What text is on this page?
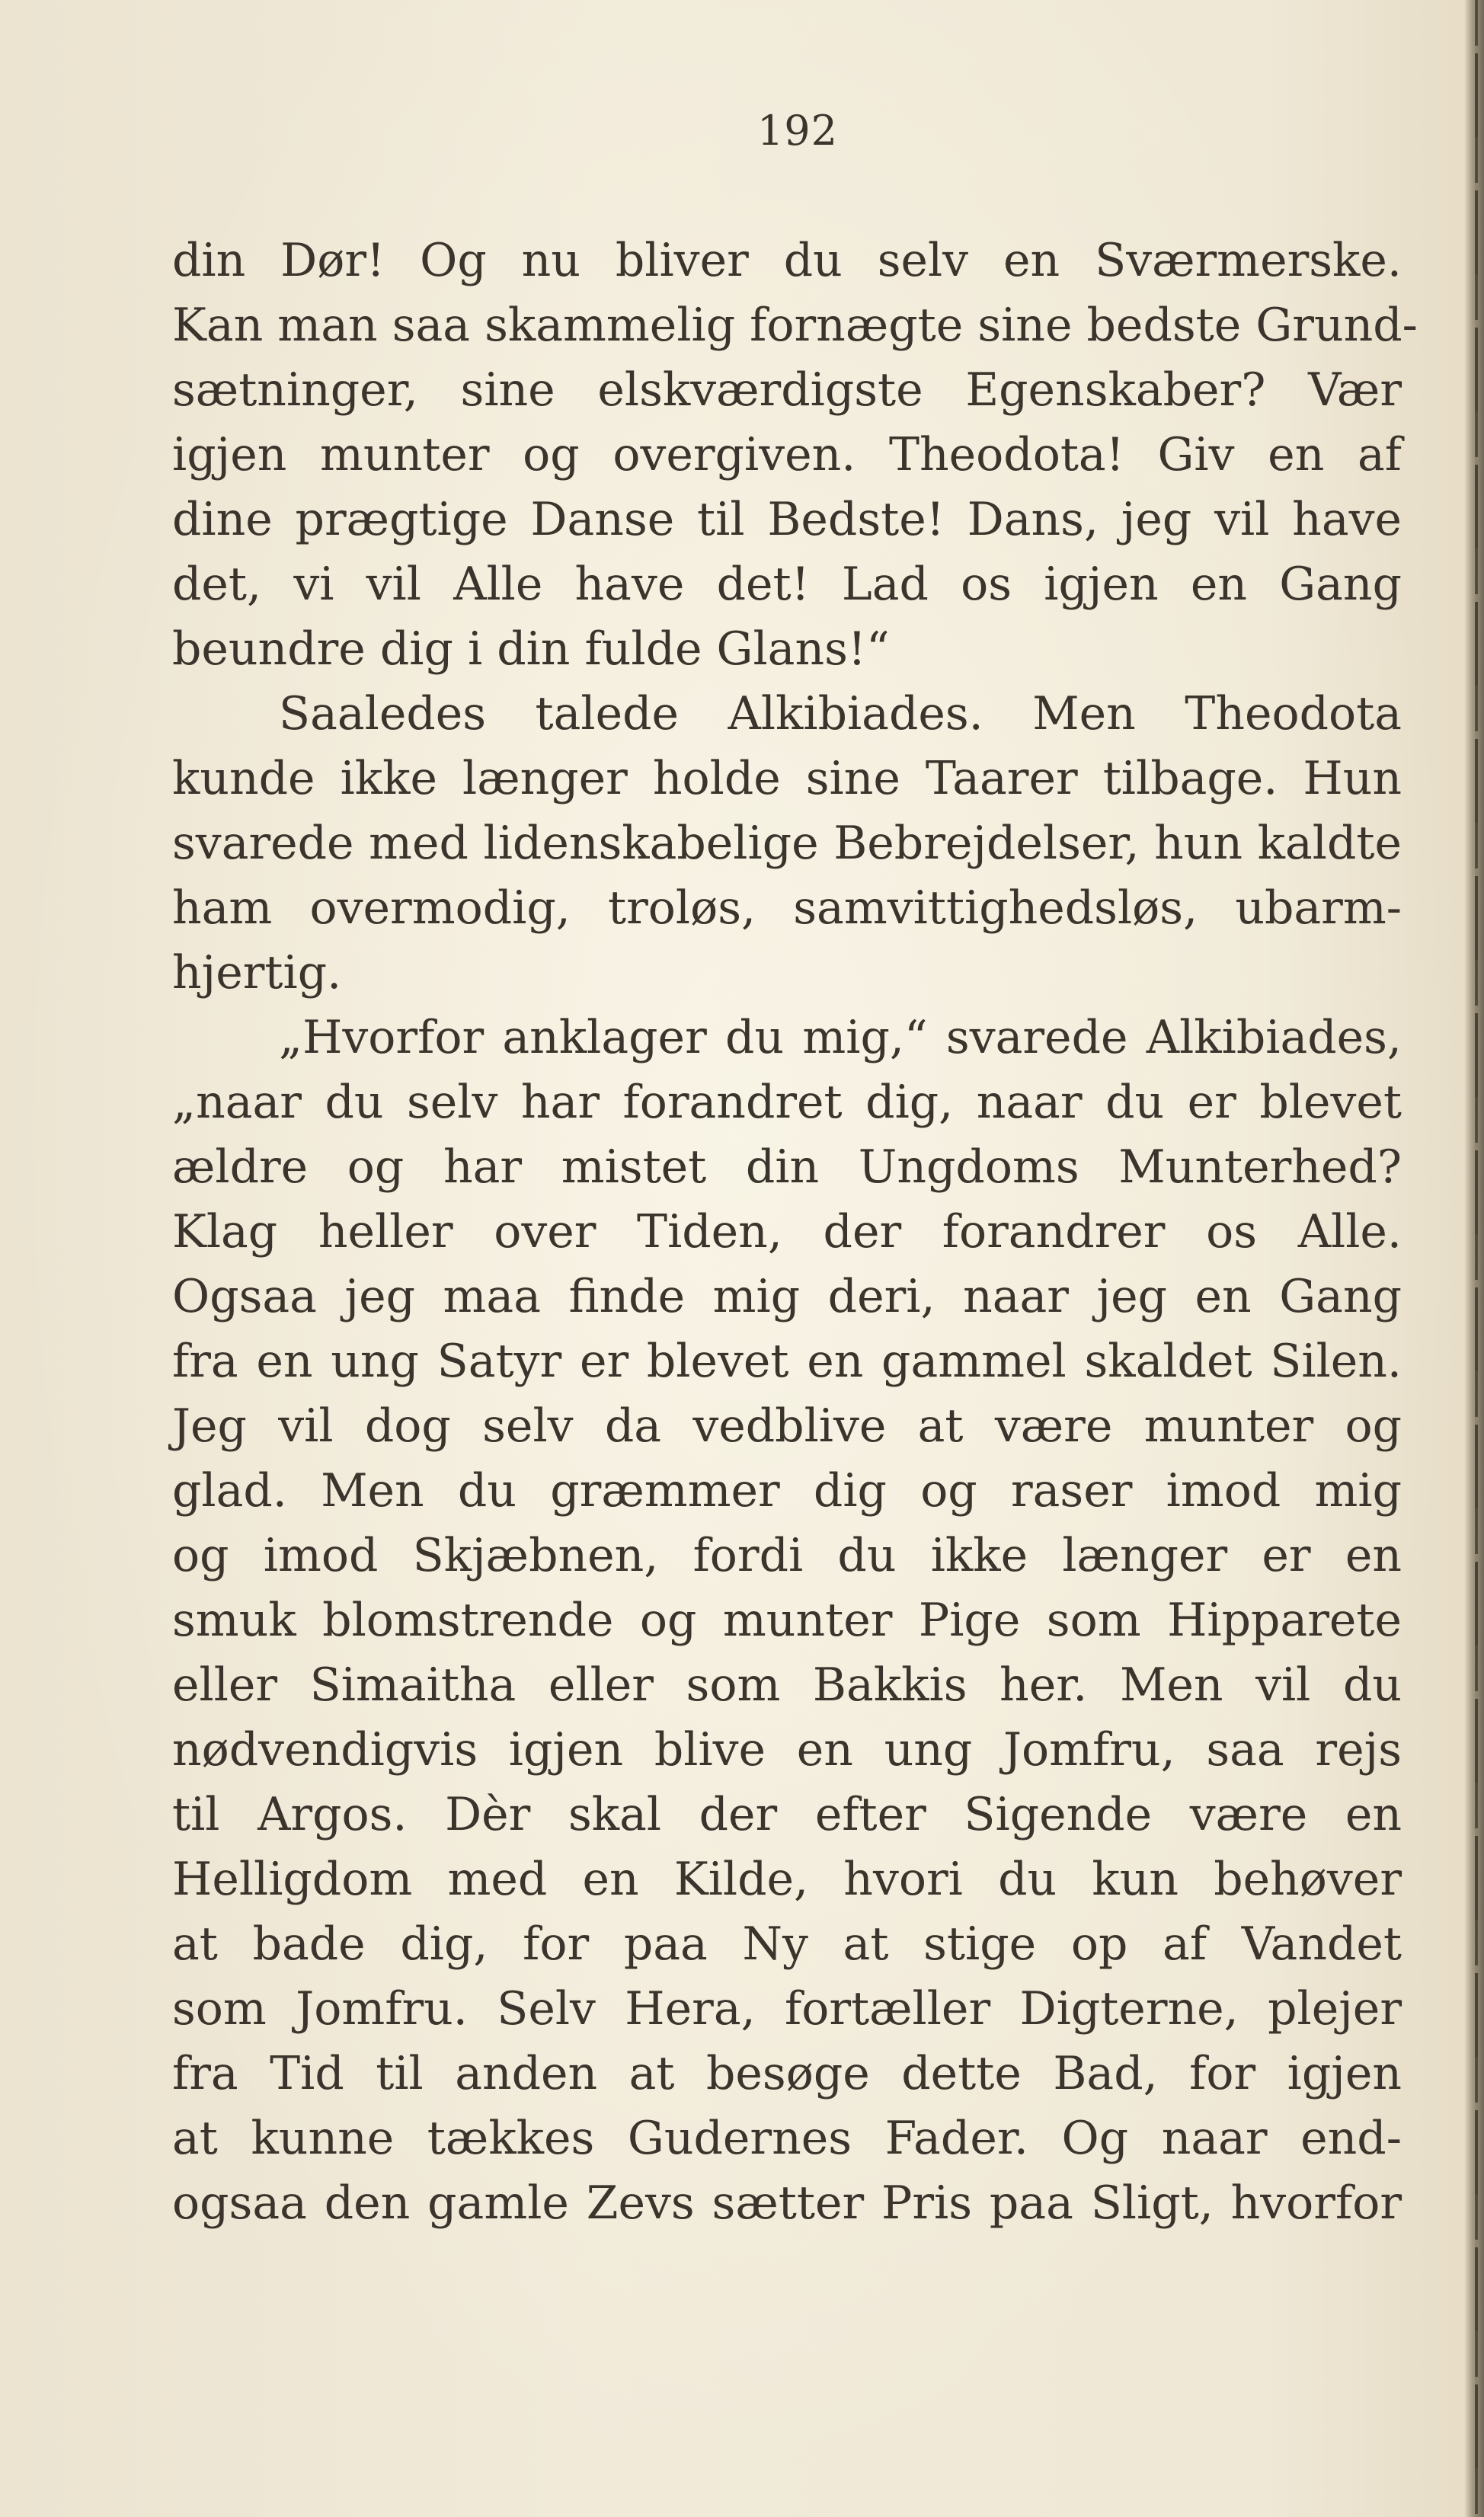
192
din Dør! Og nu bliver du selv en Sværmerske.
Kan man saa skammelig fornægte sine bedste Grund-
sætninger, sine elskværdigste Egenskaber? Vær
igjen munter og overgiven. Theodota! Giv en af
dine prægtige Danse til Bedste! Dans, jeg vil have
det, vi vil Alle have det! Lad os igjen en Gang
beundre dig i din fulde Glans!“
Saaledes talede Alkibiades. Men Theodota
kunde ikke længer holde sine Taarer tilbage. Hun
svarede med lidenskabelige Bebrejdelser, hun kaldte
ham overmodig, troløs, samvittighedsløs, ubarm-
hjertig.
„Hvorfor anklager du mig,“ svarede Alkibiades,
„naar du selv har forandret dig, naar du er blevet
ældre og har mistet din Ungdoms Munterhed?
Klag heller over Tiden, der forandrer os Alle.
Ogsaa jeg maa finde mig deri, naar jeg en Gang
fra en ung Satyr er blevet en gammel skaldet Silen.
Jeg vil dog selv da vedblive at være munter og
glad. Men du græmmer dig og raser imod mig
og imod Skjæbnen, fordi du ikke længer er en
smuk blomstrende og munter Pige som Hipparete
eller Simaitha eller som Bakkis her. Men vil du
nødvendigvis igjen blive en ung Jomfru, saa rejs
til Argos. Dèr skal der efter Sigende være en
Helligdom med en Kilde, hvori du kun behøver
at bade dig, for paa Ny at stige op af Vandet
som Jomfru. Selv Hera, fortæller Digterne, plejer
fra Tid til anden at besøge dette Bad, for igjen
at kunne tækkes Gudernes Fader. Og naar end-
ogsaa den gamle Zevs sætter Pris paa Sligt, hvorfor
